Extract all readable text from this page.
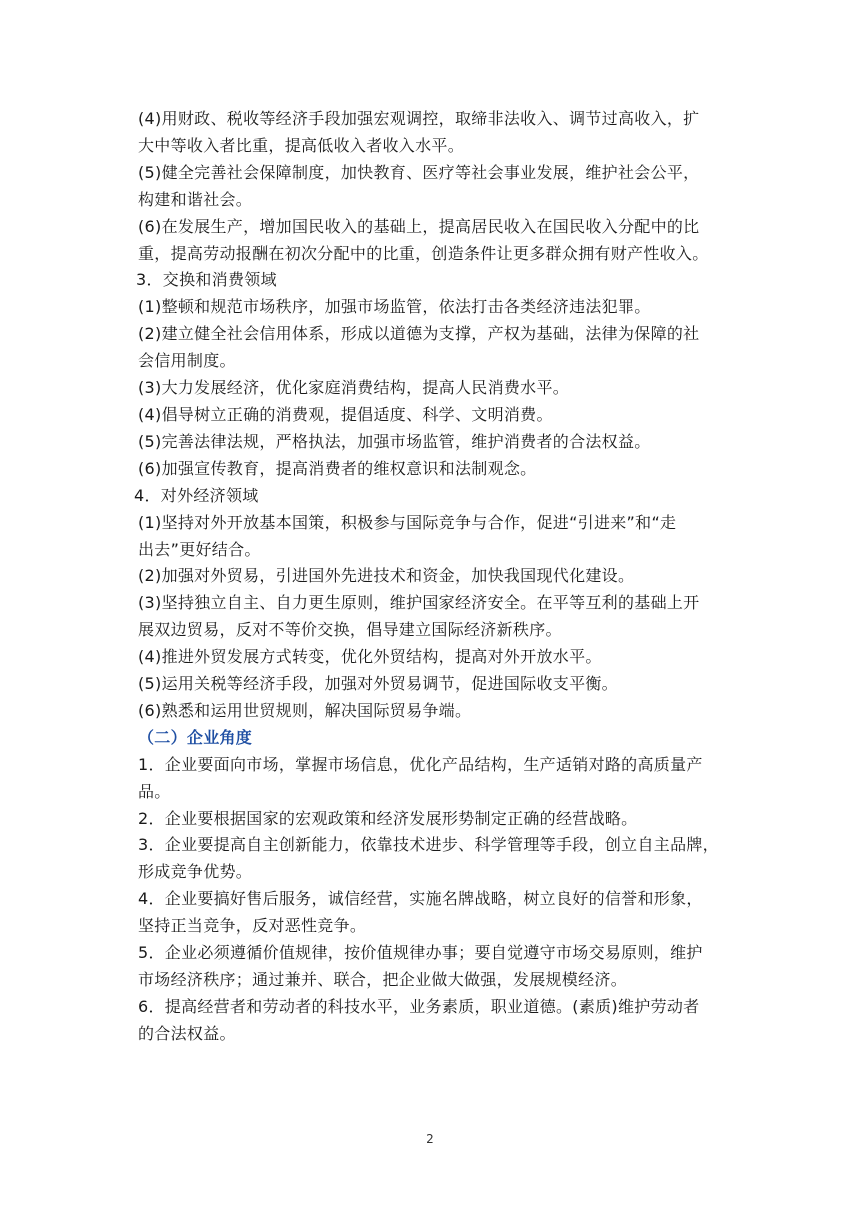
(4)用财政、税收等经济手段加强宏观调控，取缔非法收入、调节过高收入，扩
大中等收入者比重，提高低收入者收入水平。
(5)健全完善社会保障制度，加快教育、医疗等社会事业发展，维护社会公平，
构建和谐社会。
(6)在发展生产，增加国民收入的基础上，提高居民收入在国民收入分配中的比
重，提高劳动报酬在初次分配中的比重，创造条件让更多群众拥有财产性收入。
3．交换和消费领域
(1)整顿和规范市场秩序，加强市场监管，依法打击各类经济违法犯罪。
(2)建立健全社会信用体系，形成以道德为支撑，产权为基础，法律为保障的社
会信用制度。
(3)大力发展经济，优化家庭消费结构，提高人民消费水平。
(4)倡导树立正确的消费观，提倡适度、科学、文明消费。
(5)完善法律法规，严格执法，加强市场监管，维护消费者的合法权益。
(6)加强宣传教育，提高消费者的维权意识和法制观念。
4．对外经济领域
(1)坚持对外开放基本国策，积极参与国际竞争与合作，促进“引进来”和“走
出去”更好结合。
(2)加强对外贸易，引进国外先进技术和资金，加快我国现代化建设。
(3)坚持独立自主、自力更生原则，维护国家经济安全。在平等互利的基础上开
展双边贸易，反对不等价交换，倡导建立国际经济新秩序。
(4)推进外贸发展方式转变，优化外贸结构，提高对外开放水平。
(5)运用关税等经济手段，加强对外贸易调节，促进国际收支平衡。
(6)熟悉和运用世贸规则，解决国际贸易争端。
（二）企业角度
1．企业要面向市场，掌握市场信息，优化产品结构，生产适销对路的高质量产
品。
2．企业要根据国家的宏观政策和经济发展形势制定正确的经营战略。
3．企业要提高自主创新能力，依靠技术进步、科学管理等手段，创立自主品牌，
形成竞争优势。
4．企业要搞好售后服务，诚信经营，实施名牌战略，树立良好的信誉和形象，
坚持正当竞争，反对恶性竞争。
5．企业必须遵循价值规律，按价值规律办事；要自觉遵守市场交易原则，维护
市场经济秩序；通过兼并、联合，把企业做大做强，发展规模经济。
6．提高经营者和劳动者的科技水平，业务素质，职业道德。(素质)维护劳动者
的合法权益。
2
